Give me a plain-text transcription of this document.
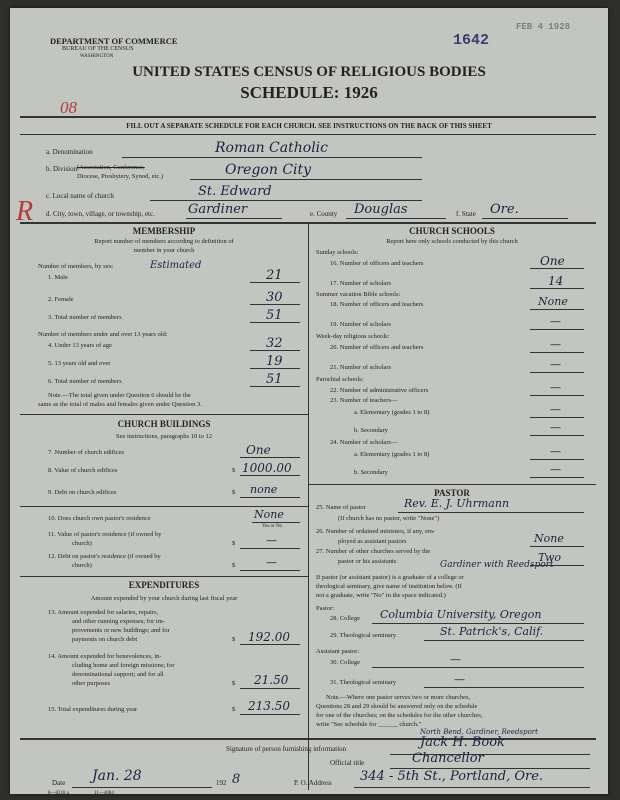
DEPARTMENT OF COMMERCE
BUREAU OF THE CENSUS
WASHINGTON
1642
FEB 4 1928
UNITED STATES CENSUS OF RELIGIOUS BODIES
SCHEDULE: 1926
FILL OUT A SEPARATE SCHEDULE FOR EACH CHURCH. SEE INSTRUCTIONS ON THE BACK OF THIS SHEET
08
R
a. Denomination	Roman Catholic
b. Division (Association, Conference,
Diocese, Presbytery, Synod, etc.)	Oregon City
c. Local name of church	St. Edward
d. City, town, village, or township, etc.	Gardiner	e. County Douglas	f. State Ore.
MEMBERSHIP
Report number of members according to definition of
member in your church
Number of members, by sex:	Estimated
1. Male	21
2. Female	30
3. Total number of members	51
Number of members under and over 13 years old:
4. Under 13 years of age	32
5. 13 years old and over	19
6. Total number of members	51
Note.—The total given under Question 6 should be the
same as the total of males and females given under Question 3.
CHURCH BUILDINGS
See instructions, paragraphs 10 to 12
7. Number of church edifices	One
8. Value of church edifices	$ 1000.00
9. Debt on church edifices	$ none
10. Does church own pastor's residence	None
Yes or No
11. Value of pastor's residence (if owned by
church)	$	—
12. Debt on pastor's residence (if owned by
church)	$	—
EXPENDITURES
Amount expended by your church during last fiscal year
13. Amount expended for salaries, repairs,
and other running expenses; for im-
provements or new buildings; and for
payments on church debt	$ 192.00
14. Amount expended for benevolences, in-
cluding home and foreign missions; for
denominational support; and for all
other purposes	$ 21.50
15. Total expenditures during year	$ 213.50
CHURCH SCHOOLS
Report here only schools conducted by this church
Sunday schools:
16. Number of officers and teachers	One
17. Number of scholars	14
Summer vacation Bible schools:
18. Number of officers and teachers	None
19. Number of scholars	—
Week-day religious schools:
20. Number of officers and teachers	—
21. Number of scholars	—
Parochial schools:
22. Number of administrative officers	—
23. Number of teachers—
a. Elementary (grades 1 to 8)	—
b. Secondary	—
24. Number of scholars—
a. Elementary (grades 1 to 8)	—
b. Secondary	—
PASTOR
25. Name of pastor	Rev. E. J. Uhrmann
(If church has no pastor, write "None")
26. Number of ordained ministers, if any, em-
ployed as assistant pastors	None
27. Number of other churches served by the
pastor or his assistants	Two
Gardiner with Reedsport
If pastor (or assistant pastor) is a graduate of a college or
theological seminary, give name of institution below. (If
not a graduate, write "No" in the space indicated.)
Pastor:
28. College Columbia University, Oregon
29. Theological seminary	St. Patrick's, Calif.
Assistant pastor:
30. College	—
31. Theological seminary	—
Note.—Where one pastor serves two or more churches,
Questions 28 and 29 should be answered only on the schedule
for one of the churches; on the schedules for the other churches,
write "See schedule for ______ church."
North Bend, Gardiner, Reedsport
Signature of person furnishing information	Jack H. Book
Official title	Chancellor
Date Jan. 28	192 8	P. O. Address 344 - 5th St., Portland, Ore.
8—8218 a	11—4084
